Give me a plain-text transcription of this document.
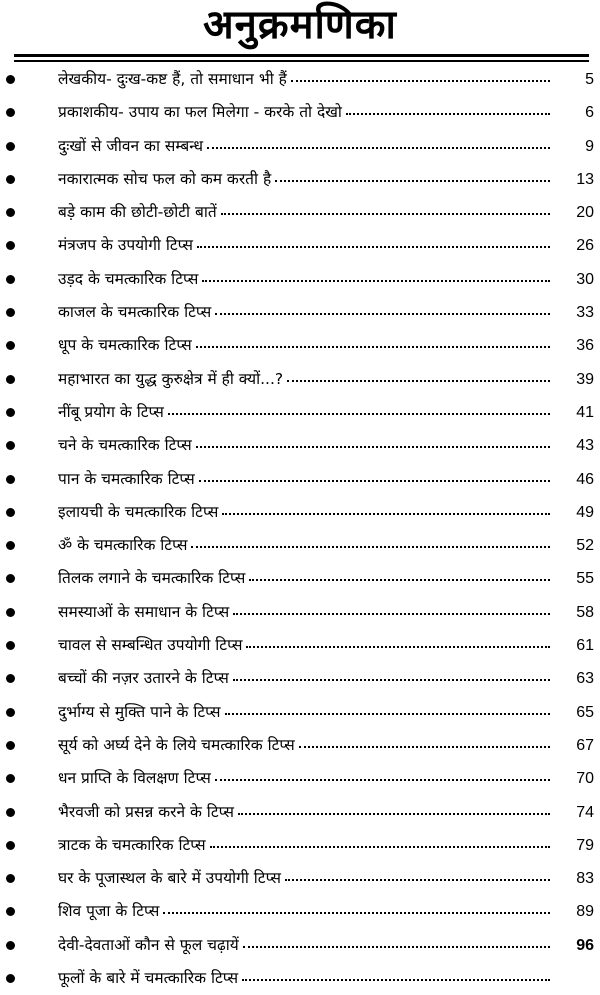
अनुक्रमणिका
लेखकीय- दुःख-कष्ट हैं, तो समाधान भी हैं	5
प्रकाशकीय- उपाय का फल मिलेगा - करके तो देखो	6
दुःखों से जीवन का सम्बन्ध	9
नकारात्मक सोच फल को कम करती है	13
बड़े काम की छोटी-छोटी बातें	20
मंत्रजप के उपयोगी टिप्स	26
उड़द के चमत्कारिक टिप्स	30
काजल के चमत्कारिक टिप्स	33
धूप के चमत्कारिक टिप्स	36
महाभारत का युद्ध कुरुक्षेत्र में ही क्यों...?	39
नींबू प्रयोग के टिप्स	41
चने के चमत्कारिक टिप्स	43
पान के चमत्कारिक टिप्स	46
इलायची के चमत्कारिक टिप्स	49
ॐ के चमत्कारिक टिप्स	52
तिलक लगाने के चमत्कारिक टिप्स	55
समस्याओं के समाधान के टिप्स	58
चावल से सम्बन्धित उपयोगी टिप्स	61
बच्चों की नज़र उतारने के टिप्स	63
दुर्भाग्य से मुक्ति पाने के टिप्स	65
सूर्य को अर्घ्य देने के लिये चमत्कारिक टिप्स	67
धन प्राप्ति के विलक्षण टिप्स	70
भैरवजी को प्रसन्न करने के टिप्स	74
त्राटक के चमत्कारिक टिप्स	79
घर के पूजास्थल के बारे में उपयोगी टिप्स	83
शिव पूजा के टिप्स	89
देवी-देवताओं कौन से फूल चढ़ायें	96
फूलों के बारे में चमत्कारिक टिप्स
